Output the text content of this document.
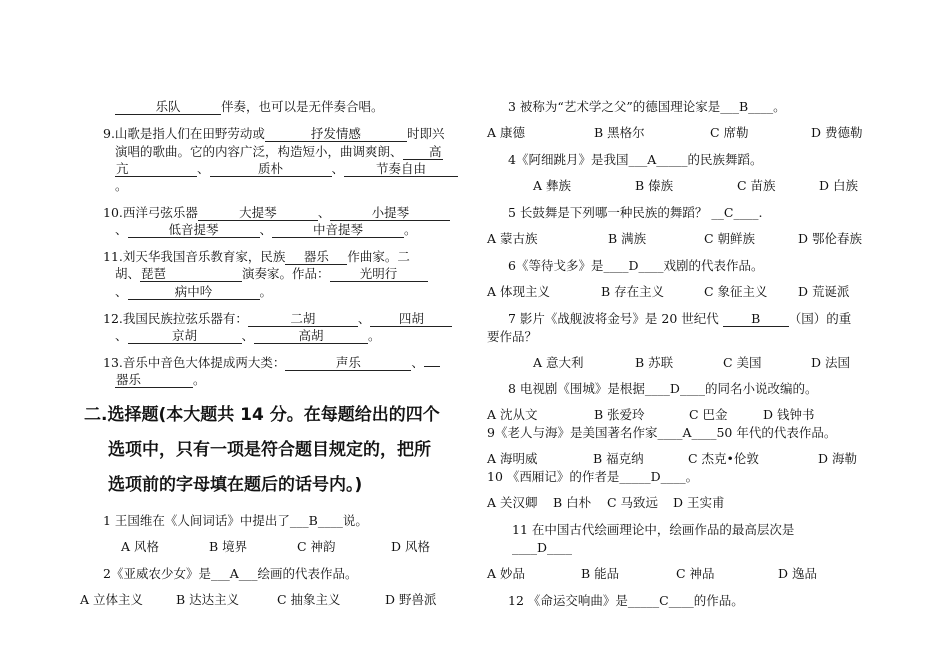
乐队	伴奏，也可以是无伴奏合唱。
9.山歌是指人们在田野劳动或	抒发情感	时即兴
演唱的歌曲。它的内容广泛，构造短小，曲调爽朗、 高
亢	、	质朴	、	节奏自由
。
10.西洋弓弦乐器	大提琴	、	小提琴
、	低音提琴	、	中音提琴	。
11.刘天华我国音乐教育家，民族 器乐 作曲家。二
胡、琵琶	演奏家。作品： 光明行
、	病中吟	。
12.我国民族拉弦乐器有：	二胡	、 四胡
、	京胡	、	高胡	。
13.音乐中音色大体提成两大类：	声乐	、
器乐	。
二.选择题(本大题共 14 分。在每题给出的四个
选项中，只有一项是符合题目规定的，把所
选项前的字母填在题后的话号内。)
1 王国维在《人间词话》中提出了___B____说。
A 风格	B 境界	C 神韵	D 风格
2《亚威农少女》是___A___绘画的代表作品。
A 立体主义	B 达达主义	C 抽象主义	D 野兽派
3 被称为“艺术学之父”的德国理论家是___B____。
A 康德	B 黑格尔	C 席勒	D 费德勒
4《阿细跳月》是我国___A_____的民族舞蹈。
A 彝族	B 傣族	C 苗族	D 白族
5 长鼓舞是下列哪一种民族的舞蹈？ __C____.
A 蒙古族	B 满族	C 朝鲜族	D 鄂伦春族
6《等待戈多》是____D____戏剧的代表作品。
A 体现主义	B 存在主义	C 象征主义 D 荒诞派
7 影片《战舰波将金号》是 20 世纪代	B （国）的重
要作品？
A 意大利	B 苏联	C 美国	D 法国
8 电视剧《围城》是根据____D____的同名小说改编的。
A 沈从文	B 张爱玲	C 巴金	D 钱钟书
9《老人与海》是美国著名作家____A____50 年代的代表作品。
A 海明威	B 福克纳	C 杰克•伦敦	D 海勒
10 《西厢记》的作者是_____D____。
A 关汉卿 B 白朴 C 马致远 D 王实甫
11 在中国古代绘画理论中，绘画作品的最高层次是
____D____
A 妙品	B 能品	C 神品	D 逸品
12 《命运交响曲》是_____C____的作品。
